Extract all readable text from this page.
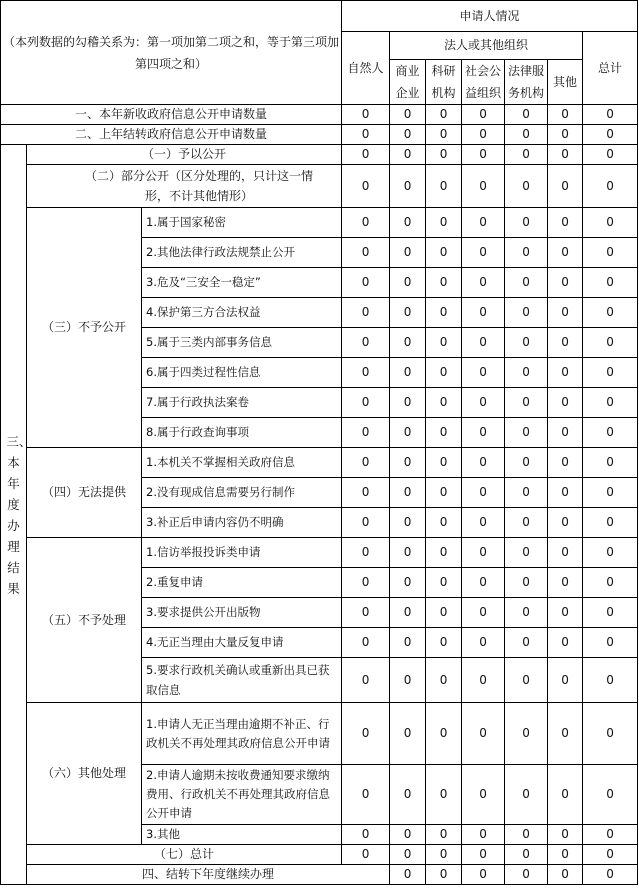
（本列数据的勾稽关系为：第一项加第二项之和，等于第三项加第四项之和）			申请人情况							
			自然人	法人或其他组织					总计	
				商业企业	科研机构	社会公益组织	法律服务机构	其他		
一、本年新收政府信息公开申请数量			0	0	0	0	0	0	0	
二、上年结转政府信息公开申请数量			0	0	0	0	0	0	0	

三、本年度办理结果	（一）予以公开		0	0	0	0	0	0	0	
	（二）部分公开（区分处理的，只计这一情形，不计其他情形）		0	0	0	0	0	0	0	
	（三）不予公开	1.属于国家秘密	0	0	0	0	0	0	0	
		2.其他法律行政法规禁止公开	0	0	0	0	0	0	0	
		3.危及“三安全一稳定”	0	0	0	0	0	0	0	
		4.保护第三方合法权益	0	0	0	0	0	0	0	
		5.属于三类内部事务信息	0	0	0	0	0	0	0	
		6.属于四类过程性信息	0	0	0	0	0	0	0	
		7.属于行政执法案卷	0	0	0	0	0	0	0	
		8.属于行政查询事项	0	0	0	0	0	0	0	
	（四）无法提供	1.本机关不掌握相关政府信息	0	0	0	0	0	0	0	
		2.没有现成信息需要另行制作	0	0	0	0	0	0	0	
		3.补正后申请内容仍不明确	0	0	0	0	0	0	0	
	（五）不予处理	1.信访举报投诉类申请	0	0	0	0	0	0	0	
		2.重复申请	0	0	0	0	0	0	0	
		3.要求提供公开出版物	0	0	0	0	0	0	0	
		4.无正当理由大量反复申请	0	0	0	0	0	0	0	
		5.要求行政机关确认或重新出具已获取信息	0	0	0	0	0	0	0	
	（六）其他处理	1.申请人无正当理由逾期不补正、行政机关不再处理其政府信息公开申请	0	0	0	0	0	0	0	
		2.申请人逾期未按收费通知要求缴纳费用、行政机关不再处理其政府信息公开申请	0	0	0	0	0	0	0	
		3.其他	0	0	0	0	0	0	0	
	（七）总计		0	0	0	0	0	0	0	
	四、结转下年度继续办理			0	0	0	0	0	0	
